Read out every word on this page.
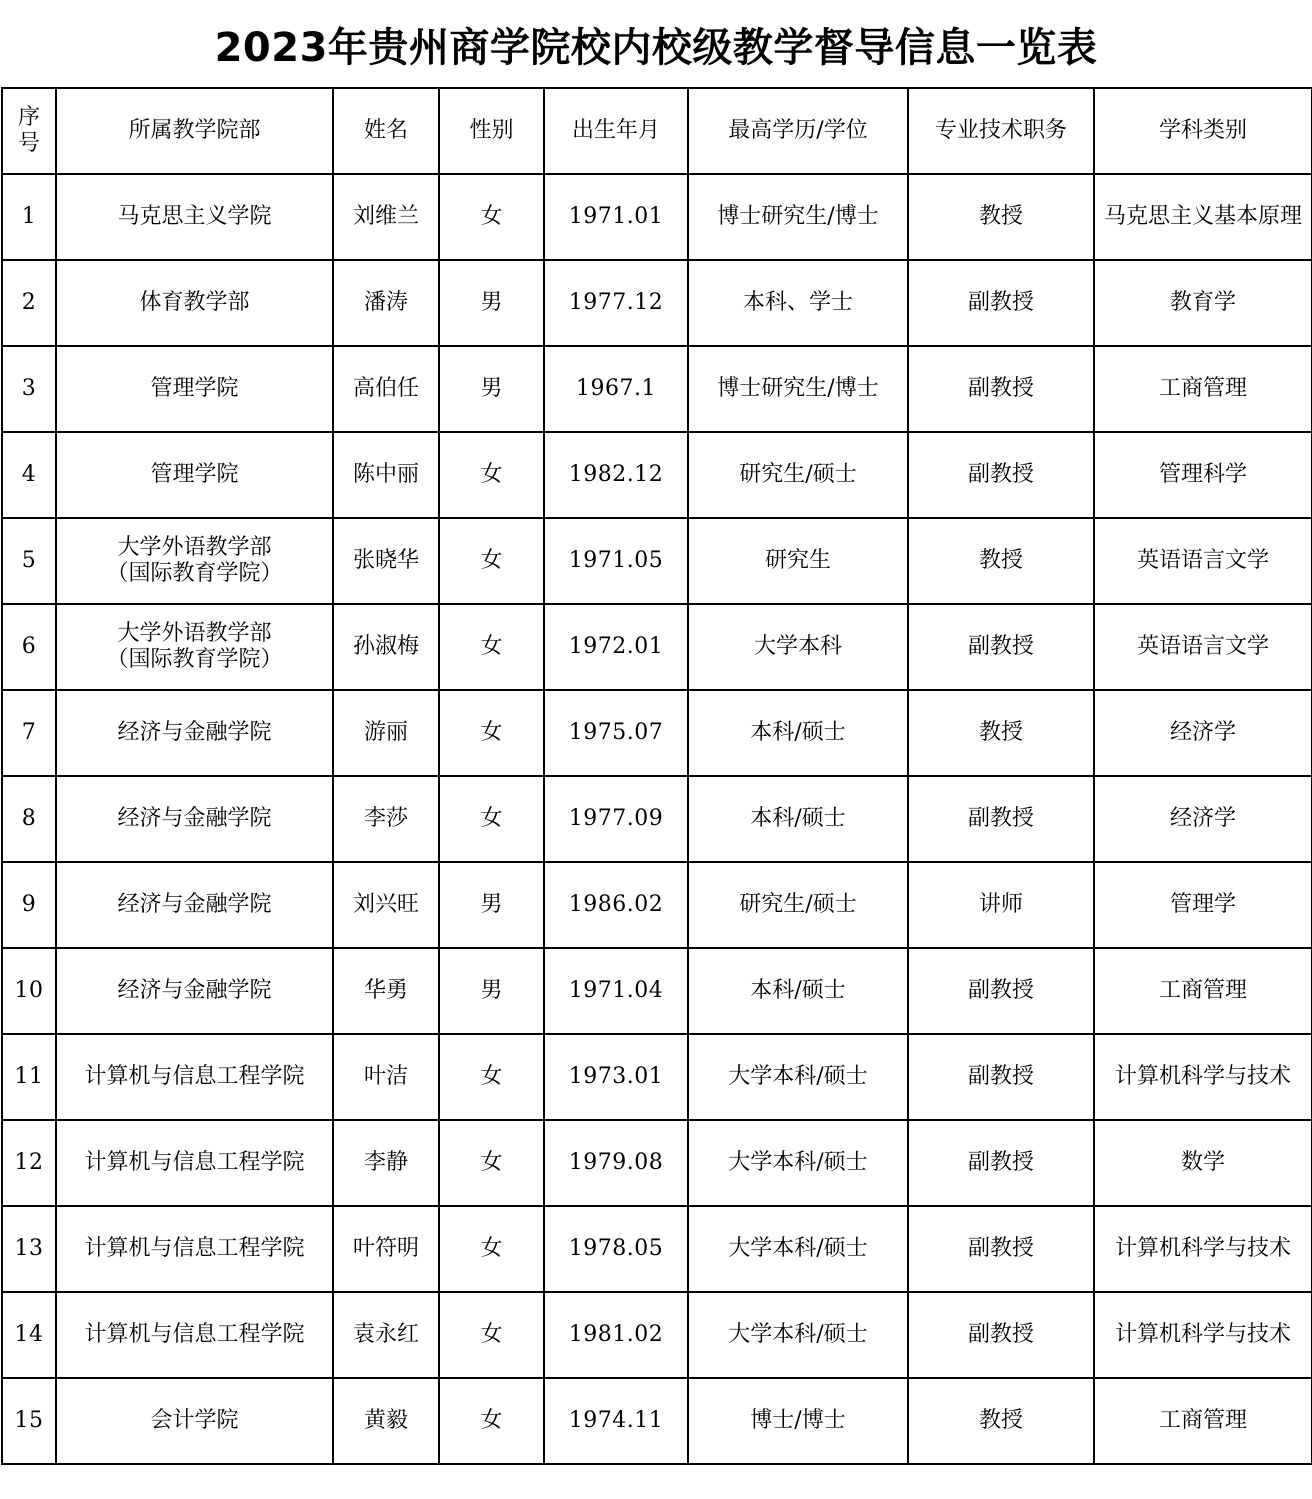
2023年贵州商学院校内校级教学督导信息一览表
序
号	所属教学院部	姓名	性别	出生年月	最高学历/学位	专业技术职务	学科类别
1	马克思主义学院	刘维兰	女	1971.01	博士研究生/博士	教授	马克思主义基本原理
2	体育教学部	潘涛	男	1977.12	本科、学士	副教授	教育学
3	管理学院	高伯任	男	1967.1	博士研究生/博士	副教授	工商管理
4	管理学院	陈中丽	女	1982.12	研究生/硕士	副教授	管理科学
5	大学外语教学部
（国际教育学院）	张晓华	女	1971.05	研究生	教授	英语语言文学
6	大学外语教学部
（国际教育学院）	孙淑梅	女	1972.01	大学本科	副教授	英语语言文学
7	经济与金融学院	游丽	女	1975.07	本科/硕士	教授	经济学
8	经济与金融学院	李莎	女	1977.09	本科/硕士	副教授	经济学
9	经济与金融学院	刘兴旺	男	1986.02	研究生/硕士	讲师	管理学
10	经济与金融学院	华勇	男	1971.04	本科/硕士	副教授	工商管理
11	计算机与信息工程学院	叶洁	女	1973.01	大学本科/硕士	副教授	计算机科学与技术
12	计算机与信息工程学院	李静	女	1979.08	大学本科/硕士	副教授	数学
13	计算机与信息工程学院	叶符明	女	1978.05	大学本科/硕士	副教授	计算机科学与技术
14	计算机与信息工程学院	袁永红	女	1981.02	大学本科/硕士	副教授	计算机科学与技术
15	会计学院	黄毅	女	1974.11	博士/博士	教授	工商管理
